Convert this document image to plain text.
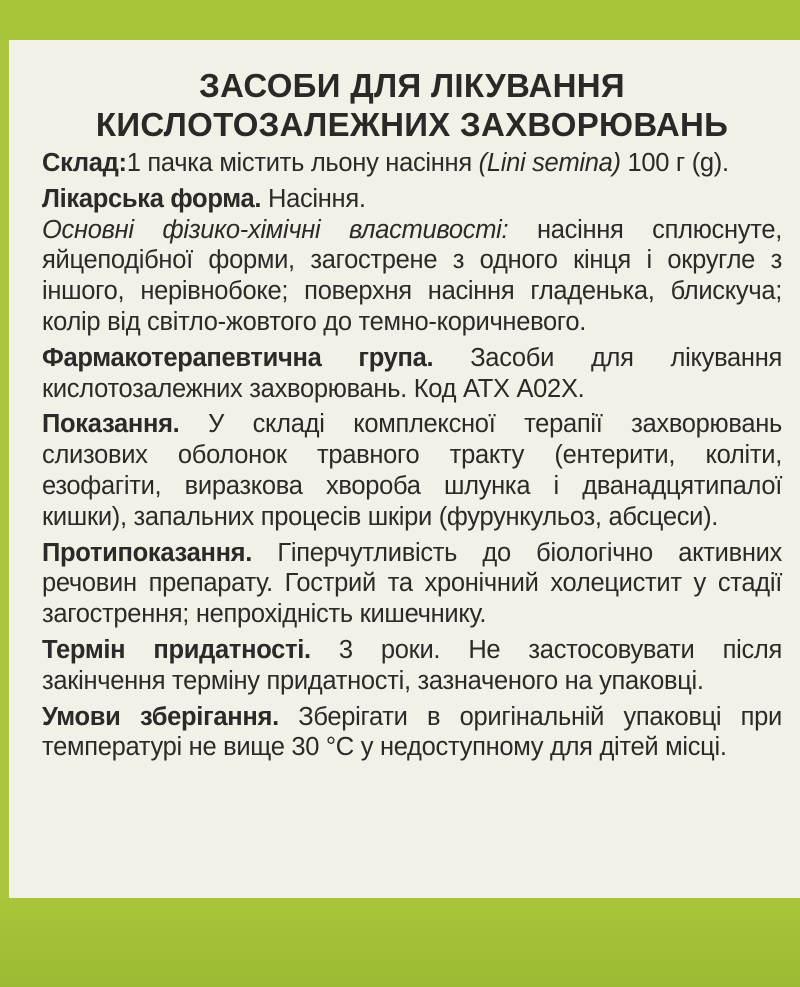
ЗАСОБИ ДЛЯ ЛІКУВАННЯ
КИСЛОТОЗАЛЕЖНИХ ЗАХВОРЮВАНЬ

Склад:1 пачка містить льону насіння (Lini semina) 100 г (g).

Лікарська форма. Насіння.
Основні фізико-хімічні властивості: насіння сплюснуте, яйцеподібної форми, загострене з одного кінця і округле з іншого, нерівнобоке; поверхня насіння гладенька, блискуча; колір від світло-жовтого до темно-коричневого.

Фармакотерапевтична група. Засоби для лікування кислотозалежних захворювань. Код АТХ А02Х.

Показання. У складі комплексної терапії захворювань слизових оболонок травного тракту (ентерити, коліти, езофагіти, виразкова хвороба шлунка і дванадцятипалої кишки), запальних процесів шкіри (фурункульоз, абсцеси).

Протипоказання. Гіперчутливість до біологічно активних речовин препарату. Гострий та хронічний холецистит у стадії загострення; непрохідність кишечнику.

Термін придатності. 3 роки. Не застосовувати після закінчення терміну придатності, зазначеного на упаковці.

Умови зберігання. Зберігати в оригінальній упаковці при температурі не вище 30 °С у недоступному для дітей місці.
